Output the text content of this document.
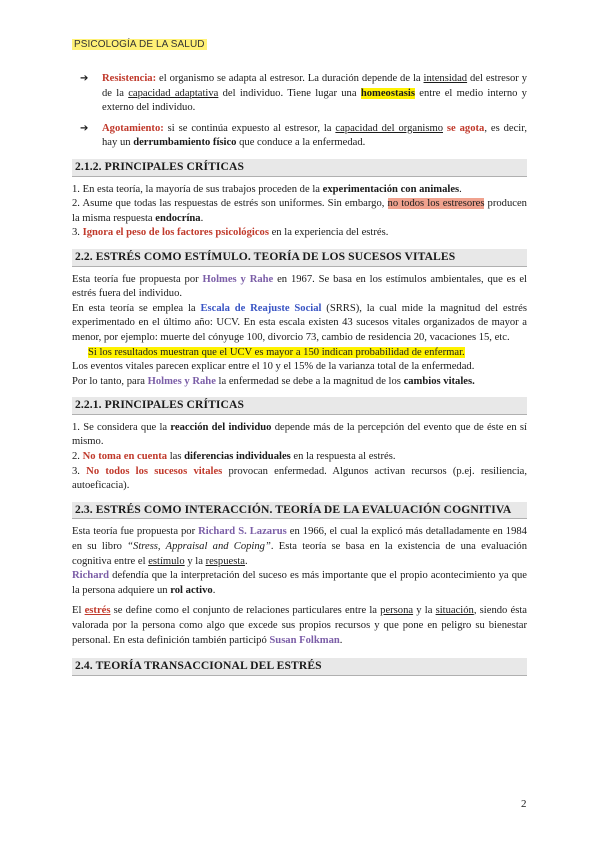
PSICOLOGÍA DE LA SALUD

➔ Resistencia: el organismo se adapta al estresor. La duración depende de la intensidad del estresor y de la capacidad adaptativa del individuo. Tiene lugar una homeostasis entre el medio interno y externo del individuo.

➔ Agotamiento: si se continúa expuesto al estresor, la capacidad del organismo se agota, es decir, hay un derrumbamiento físico que conduce a la enfermedad.

2.1.2. PRINCIPALES CRÍTICAS

1. En esta teoría, la mayoría de sus trabajos proceden de la experimentación con animales.

2. Asume que todas las respuestas de estrés son uniformes. Sin embargo, no todos los estresores producen la misma respuesta endocrína.

3. Ignora el peso de los factores psicológicos en la experiencia del estrés.

2.2. ESTRÉS COMO ESTÍMULO. TEORÍA DE LOS SUCESOS VITALES

Esta teoría fue propuesta por Holmes y Rahe en 1967. Se basa en los estímulos ambientales, que es el estrés fuera del individuo.

En esta teoría se emplea la Escala de Reajuste Social (SRRS), la cual mide la magnitud del estrés experimentado en el último año: UCV. En esta escala existen 43 sucesos vitales organizados de mayor a menor, por ejemplo: muerte del cónyuge 100, divorcio 73, cambio de residencia 20, vacaciones 15, etc.

Si los resultados muestran que el UCV es mayor a 150 indican probabilidad de enfermar.

Los eventos vitales parecen explicar entre el 10 y el 15% de la varianza total de la enfermedad.

Por lo tanto, para Holmes y Rahe la enfermedad se debe a la magnitud de los cambios vitales.

2.2.1. PRINCIPALES CRÍTICAS

1. Se considera que la reacción del individuo depende más de la percepción del evento que de éste en sí mismo.

2. No toma en cuenta las diferencias individuales en la respuesta al estrés.

3. No todos los sucesos vitales provocan enfermedad. Algunos activan recursos (p.ej. resiliencia, autoeficacia).

2.3. ESTRÉS COMO INTERACCIÓN. TEORÍA DE LA EVALUACIÓN COGNITIVA

Esta teoría fue propuesta por Richard S. Lazarus en 1966, el cual la explicó más detalladamente en 1984 en su libro “Stress, Appraisal and Coping”. Esta teoría se basa en la existencia de una evaluación cognitiva entre el estímulo y la respuesta.

Richard defendía que la interpretación del suceso es más importante que el propio acontecimiento ya que la persona adquiere un rol activo.

El estrés se define como el conjunto de relaciones particulares entre la persona y la situación, siendo ésta valorada por la persona como algo que excede sus propios recursos y que pone en peligro su bienestar personal. En esta definición también participó Susan Folkman.

2.4. TEORÍA TRANSACCIONAL DEL ESTRÉS

2
